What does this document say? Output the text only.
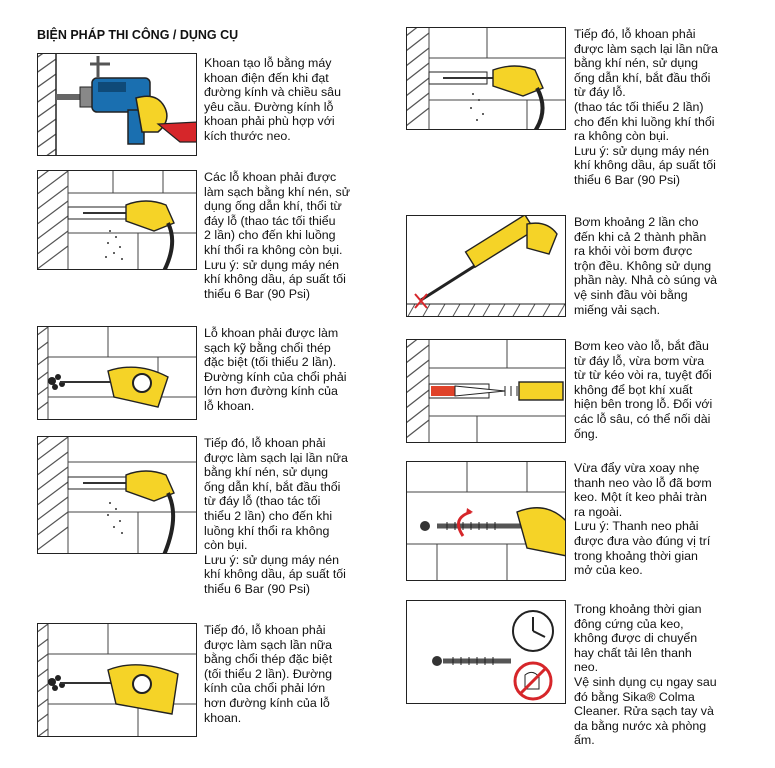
BIỆN PHÁP THI CÔNG / DỤNG CỤ
Khoan tạo lỗ bằng máy
khoan điện đến khi đạt
đường kính và chiều sâu
yêu cầu. Đường kính lỗ
khoan phải phù hợp với
kích thước neo.
Các lỗ khoan phải được
làm sạch bằng khí nén, sử
dụng ống dẫn khí, thổi từ
đáy lỗ (thao tác tối thiểu
2 lần) cho đến khi luồng
khí thổi ra không còn bụi.
Lưu ý: sử dụng máy nén
khí không dầu, áp suất tối
thiểu 6 Bar (90 Psi)
Lỗ khoan phải được làm
sạch kỹ bằng chổi thép
đặc biệt (tối thiểu 2 lần).
Đường kính của chổi phải
lớn hơn đường kính của
lỗ khoan.
Tiếp đó, lỗ khoan phải
được làm sạch lại lần nữa
bằng khí nén, sử dụng
ống dẫn khí, bắt đầu thổi
từ đáy lỗ (thao tác tối
thiểu 2 lần) cho đến khi
luồng khí thổi ra không
còn bụi.
Lưu ý: sử dụng máy nén
khí không dầu, áp suất tối
thiểu 6 Bar (90 Psi)
Tiếp đó, lỗ khoan phải
được làm sạch lần nữa
bằng chổi thép đặc biệt
(tối thiểu 2 lần). Đường
kính của chổi phải lớn
hơn đường kính của lỗ
khoan.
Tiếp đó, lỗ khoan phải
được làm sạch lại lần nữa
bằng khí nén, sử dụng
ống dẫn khí, bắt đầu thổi
từ đáy lỗ.
(thao tác tối thiểu 2 lần)
cho đến khi luồng khí thổi
ra không còn bụi.
Lưu ý: sử dụng máy nén
khí không dầu, áp suất tối
thiểu 6 Bar (90 Psi)
Bơm khoảng 2 lần cho
đến khi cả 2 thành phần
ra khỏi vòi bơm được
trộn đều. Không sử dụng
phần này. Nhả cò súng và
vệ sinh đầu vòi bằng
miếng vải sạch.
Bơm keo vào lỗ, bắt đầu
từ đáy lỗ, vừa bơm vừa
từ từ kéo vòi ra, tuyệt đối
không để bọt khí xuất
hiện bên trong lỗ. Đối với
các lỗ sâu, có thể nối dài
ống.
Vừa đẩy vừa xoay nhẹ
thanh neo vào lỗ đã bơm
keo. Một ít keo phải tràn
ra ngoài.
Lưu ý: Thanh neo phải
được đưa vào đúng vị trí
trong khoảng thời gian
mở của keo.
Trong khoảng thời gian
đông cứng của keo,
không được di chuyển
hay chất tải lên thanh
neo.
Vệ sinh dụng cụ ngay sau
đó bằng Sika® Colma
Cleaner. Rửa sạch tay và
da bằng nước xà phòng
ấm.
